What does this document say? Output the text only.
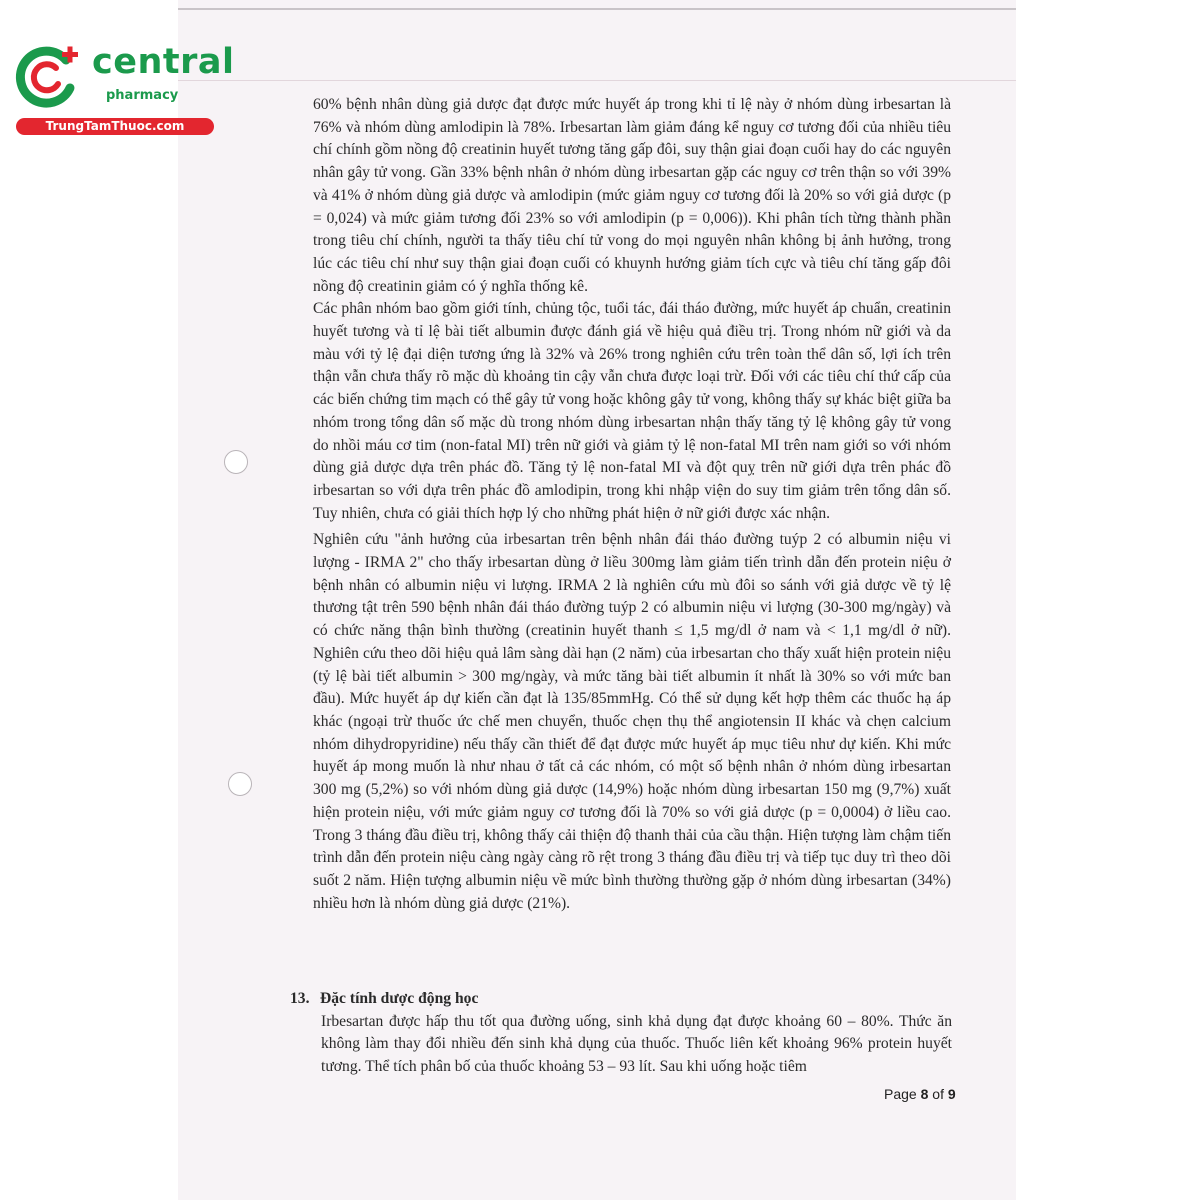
central
pharmacy
TrungTamThuoc.com

60% bệnh nhân dùng giả dược đạt được mức huyết áp trong khi tỉ lệ này ở nhóm dùng irbesartan là 76% và nhóm dùng amlodipin là 78%. Irbesartan làm giảm đáng kể nguy cơ tương đối của nhiều tiêu chí chính gồm nồng độ creatinin huyết tương tăng gấp đôi, suy thận giai đoạn cuối hay do các nguyên nhân gây tử vong. Gần 33% bệnh nhân ở nhóm dùng irbesartan gặp các nguy cơ trên thận so với 39% và 41% ở nhóm dùng giả dược và amlodipin (mức giảm nguy cơ tương đối là 20% so với giả dược (p = 0,024) và mức giảm tương đối 23% so với amlodipin (p = 0,006)). Khi phân tích từng thành phần trong tiêu chí chính, người ta thấy tiêu chí tử vong do mọi nguyên nhân không bị ảnh hưởng, trong lúc các tiêu chí như suy thận giai đoạn cuối có khuynh hướng giảm tích cực và tiêu chí tăng gấp đôi nồng độ creatinin giảm có ý nghĩa thống kê.

Các phân nhóm bao gồm giới tính, chủng tộc, tuổi tác, đái tháo đường, mức huyết áp chuẩn, creatinin huyết tương và tỉ lệ bài tiết albumin được đánh giá về hiệu quả điều trị. Trong nhóm nữ giới và da màu với tỷ lệ đại diện tương ứng là 32% và 26% trong nghiên cứu trên toàn thể dân số, lợi ích trên thận vẫn chưa thấy rõ mặc dù khoảng tin cậy vẫn chưa được loại trừ. Đối với các tiêu chí thứ cấp của các biến chứng tim mạch có thể gây tử vong hoặc không gây tử vong, không thấy sự khác biệt giữa ba nhóm trong tổng dân số mặc dù trong nhóm dùng irbesartan nhận thấy tăng tỷ lệ không gây tử vong do nhồi máu cơ tim (non-fatal MI) trên nữ giới và giảm tỷ lệ non-fatal MI trên nam giới so với nhóm dùng giả dược dựa trên phác đồ. Tăng tỷ lệ non-fatal MI và đột quỵ trên nữ giới dựa trên phác đồ irbesartan so với dựa trên phác đồ amlodipin, trong khi nhập viện do suy tim giảm trên tổng dân số. Tuy nhiên, chưa có giải thích hợp lý cho những phát hiện ở nữ giới được xác nhận.

Nghiên cứu "ảnh hưởng của irbesartan trên bệnh nhân đái tháo đường tuýp 2 có albumin niệu vi lượng - IRMA 2" cho thấy irbesartan dùng ở liều 300mg làm giảm tiến trình dẫn đến protein niệu ở bệnh nhân có albumin niệu vi lượng. IRMA 2 là nghiên cứu mù đôi so sánh với giả dược về tỷ lệ thương tật trên 590 bệnh nhân đái tháo đường tuýp 2 có albumin niệu vi lượng (30-300 mg/ngày) và có chức năng thận bình thường (creatinin huyết thanh ≤ 1,5 mg/dl ở nam và < 1,1 mg/dl ở nữ). Nghiên cứu theo dõi hiệu quả lâm sàng dài hạn (2 năm) của irbesartan cho thấy xuất hiện protein niệu (tỷ lệ bài tiết albumin > 300 mg/ngày, và mức tăng bài tiết albumin ít nhất là 30% so với mức ban đầu). Mức huyết áp dự kiến cần đạt là 135/85mmHg. Có thể sử dụng kết hợp thêm các thuốc hạ áp khác (ngoại trừ thuốc ức chế men chuyển, thuốc chẹn thụ thể angiotensin II khác và chẹn calcium nhóm dihydropyridine) nếu thấy cần thiết để đạt được mức huyết áp mục tiêu như dự kiến. Khi mức huyết áp mong muốn là như nhau ở tất cả các nhóm, có một số bệnh nhân ở nhóm dùng irbesartan 300 mg (5,2%) so với nhóm dùng giả dược (14,9%) hoặc nhóm dùng irbesartan 150 mg (9,7%) xuất hiện protein niệu, với mức giảm nguy cơ tương đối là 70% so với giả dược (p = 0,0004) ở liều cao. Trong 3 tháng đầu điều trị, không thấy cải thiện độ thanh thải của cầu thận. Hiện tượng làm chậm tiến trình dẫn đến protein niệu càng ngày càng rõ rệt trong 3 tháng đầu điều trị và tiếp tục duy trì theo dõi suốt 2 năm. Hiện tượng albumin niệu về mức bình thường thường gặp ở nhóm dùng irbesartan (34%) nhiều hơn là nhóm dùng giả dược (21%).

13. Đặc tính dược động học

Irbesartan được hấp thu tốt qua đường uống, sinh khả dụng đạt được khoảng 60 – 80%. Thức ăn không làm thay đổi nhiều đến sinh khả dụng của thuốc. Thuốc liên kết khoảng 96% protein huyết tương. Thể tích phân bố của thuốc khoảng 53 – 93 lít. Sau khi uống hoặc tiêm

Page 8 of 9
